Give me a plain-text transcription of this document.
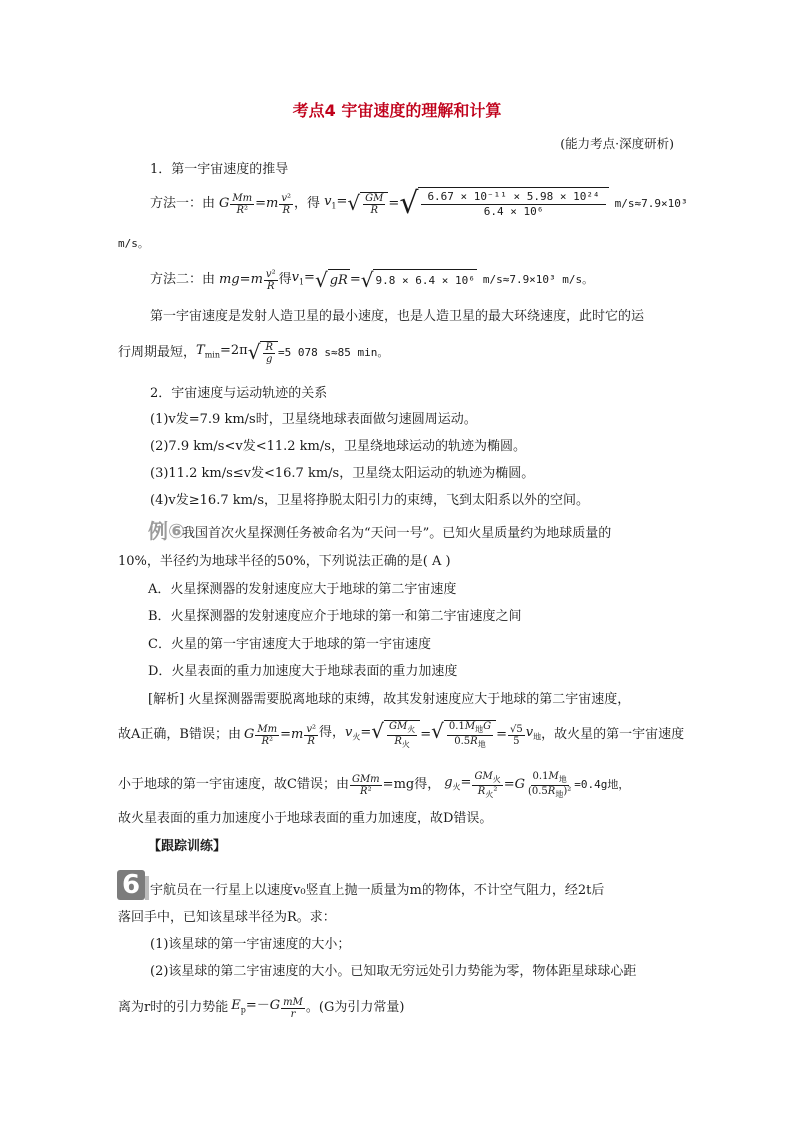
考点4 宇宙速度的理解和计算
(能力考点·深度研析)
1．第一宇宙速度的推导
方法一：由 G $\frac{Mm}{\text{R²}} =m \frac{\text{v²}}{R}$ ，得 $v_1=$ √ $\frac{GM}{R}$ = √ $\frac{\text{6.67 × 10⁻¹¹ × 5.98 × 10²⁴}}{\text{6.4 × 10⁶}} m/s\approx 7.9\times 10^3$
m/s。
方法二：由 $mg=m \frac{\text{v²}}{R}$ 得 $v_1=$ √ gR = √ 9.8 × 6.4 × 10⁶ m/s≈7.9×10³ m/s。
第一宇宙速度是发射人造卫星的最小速度，也是人造卫星的最大环绕速度，此时它的运
行周期最短， $T_{min}=2\pi$ √ $\frac{R}{g} =5$ 078 s≈85 min。
2．宇宙速度与运动轨迹的关系
(1)v发=7.9 km/s时，卫星绕地球表面做匀速圆周运动。
(2)7.9 km/s<v发<11.2 km/s，卫星绕地球运动的轨迹为椭圆。
(3)11.2 km/s≤v发<16.7 km/s，卫星绕太阳运动的轨迹为椭圆。
(4)v发≥16.7 km/s，卫星将挣脱太阳引力的束缚，飞到太阳系以外的空间。
例⑥
我国首次火星探测任务被命名为“天问一号”。已知火星质量约为地球质量的
10%，半径约为地球半径的50%，下列说法正确的是( A )
A．火星探测器的发射速度应大于地球的第二宇宙速度
B．火星探测器的发射速度应介于地球的第一和第二宇宙速度之间
C．火星的第一宇宙速度大于地球的第一宇宙速度
D．火星表面的重力加速度大于地球表面的重力加速度
[解析] 火星探测器需要脱离地球的束缚，故其发射速度应大于地球的第二宇宙速度，
故A正确，B错误；由 G $\frac{Mm}{\text{R²}} =m \frac{\text{v²}}{R}$ 得，$v_火=$ √ $\frac{GM_火}{R_火}$ = √ $\frac{0.1M_地G}{0.5R_地} = \frac{√5}{5} v_地$ ，故火星的第一宇宙速度
小于地球的第一宇宙速度，故C错误；由 $\frac{\text{GMm}}{\text{R²}} =mg$得， $g_火= \frac{GM_火}{R_火^2} =G \frac{0.1M_地}{(0.5R_地)^2} =0.4g$地，
故火星表面的重力加速度小于地球表面的重力加速度，故D错误。
【跟踪训练】
6 宇航员在一行星上以速度v₀竖直上抛一质量为m的物体，不计空气阻力，经2t后
落回手中，已知该星球半径为R。求：
(1)该星球的第一宇宙速度的大小；
(2)该星球的第二宇宙速度的大小。已知取无穷远处引力势能为零，物体距星球球心距
离为r时的引力势能 $E_p=-G \frac{mM}{r}$ 。(G为引力常量)
